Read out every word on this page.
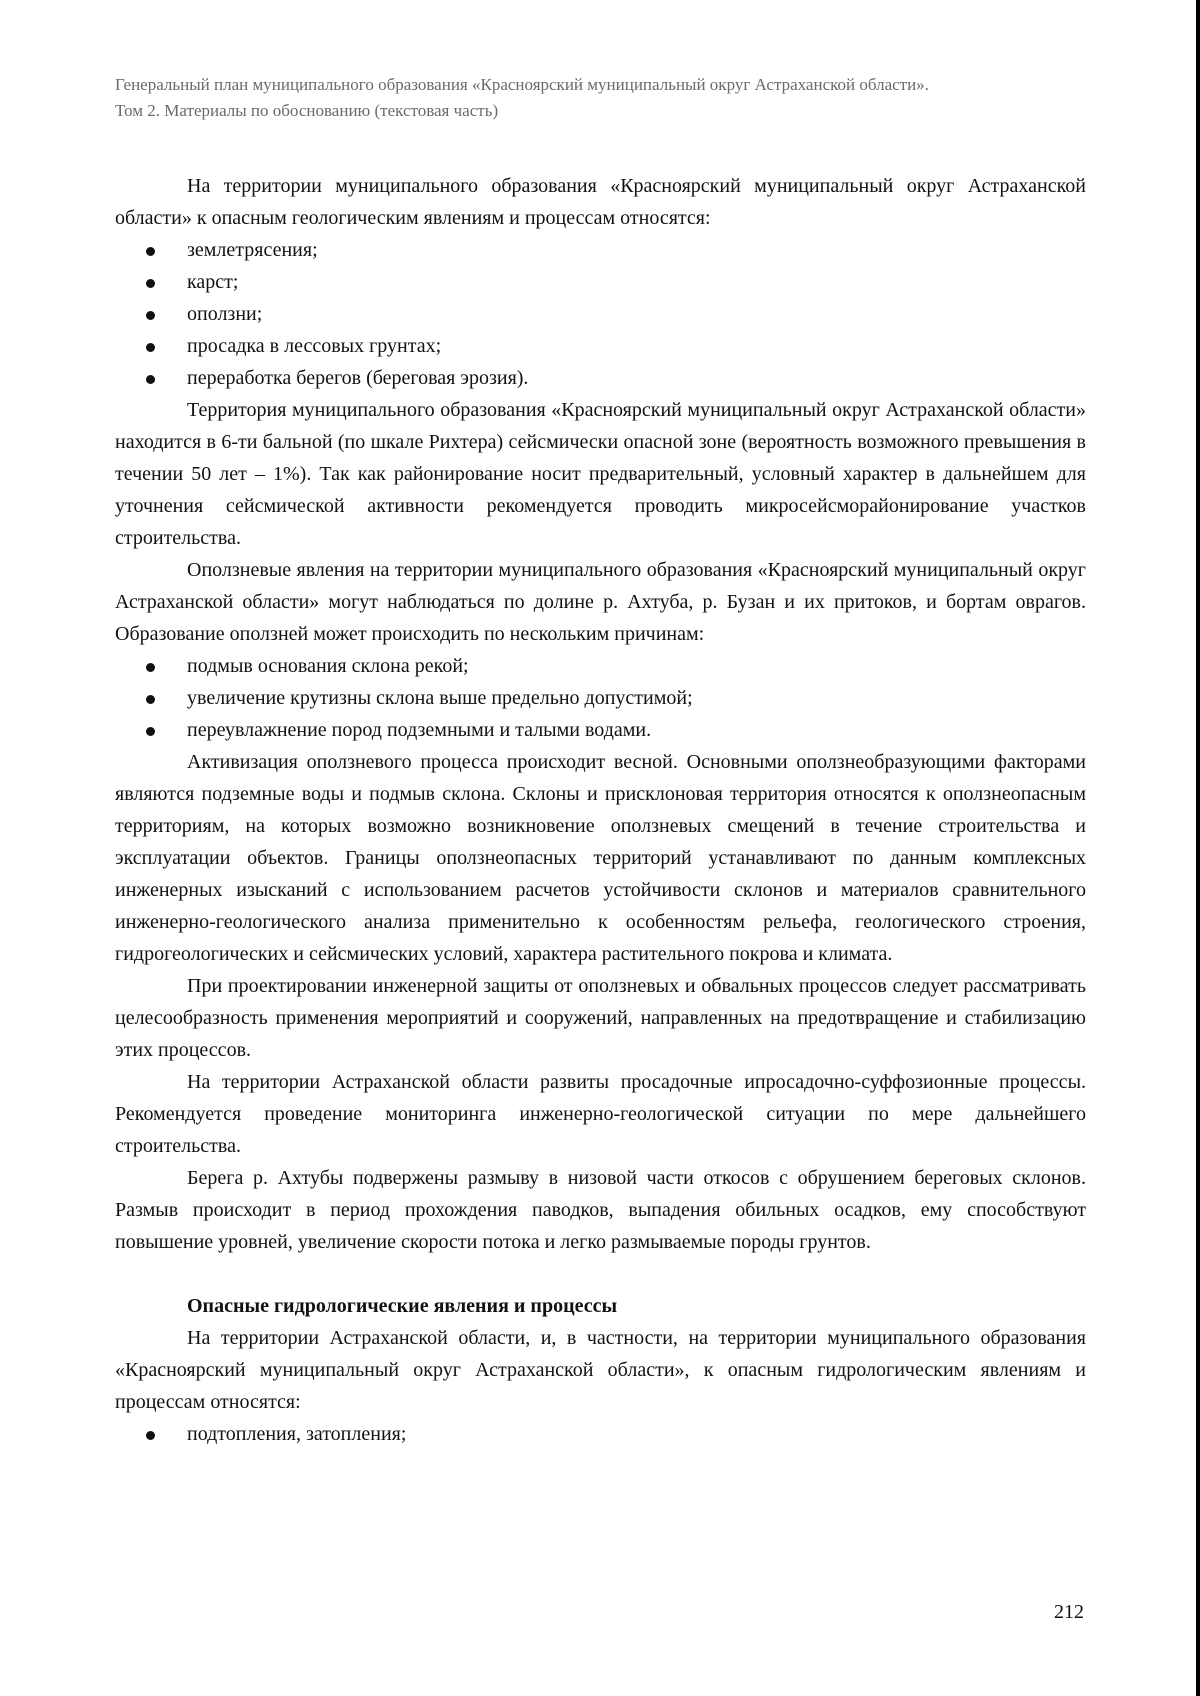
Генеральный план муниципального образования «Красноярский муниципальный округ Астраханской области».
Том 2. Материалы по обоснованию (текстовая часть)

На территории муниципального образования «Красноярский муниципальный округ Астраханской области» к опасным геологическим явлениям и процессам относятся:

землетрясения;
карст;
оползни;
просадка в лессовых грунтах;
переработка берегов (береговая эрозия).

Территория муниципального образования «Красноярский муниципальный округ Астраханской области» находится в 6-ти бальной (по шкале Рихтера) сейсмически опасной зоне (вероятность возможного превышения в течении 50 лет – 1%). Так как районирование носит предварительный, условный характер в дальнейшем для уточнения сейсмической активности рекомендуется проводить микросейсморайонирование участков строительства.

Оползневые явления на территории муниципального образования «Красноярский муниципальный округ Астраханской области» могут наблюдаться по долине р. Ахтуба, р. Бузан и их притоков, и бортам оврагов. Образование оползней может происходить по нескольким причинам:

подмыв основания склона рекой;
увеличение крутизны склона выше предельно допустимой;
переувлажнение пород подземными и талыми водами.

Активизация оползневого процесса происходит весной. Основными оползнеобразующими факторами являются подземные воды и подмыв склона. Склоны и присклоновая территория относятся к оползнеопасным территориям, на которых возможно возникновение оползневых смещений в течение строительства и эксплуатации объектов. Границы оползнеопасных территорий устанавливают по данным комплексных инженерных изысканий с использованием расчетов устойчивости склонов и материалов сравнительного инженерно-геологического анализа применительно к особенностям рельефа, геологического строения, гидрогеологических и сейсмических условий, характера растительного покрова и климата.

При проектировании инженерной защиты от оползневых и обвальных процессов следует рассматривать целесообразность применения мероприятий и сооружений, направленных на предотвращение и стабилизацию этих процессов.

На территории Астраханской области развиты просадочные ипросадочно-суффозионные процессы. Рекомендуется проведение мониторинга инженерно-геологической ситуации по мере дальнейшего строительства.

Берега р. Ахтубы подвержены размыву в низовой части откосов с обрушением береговых склонов. Размыв происходит в период прохождения паводков, выпадения обильных осадков, ему способствуют повышение уровней, увеличение скорости потока и легко размываемые породы грунтов.

Опасные гидрологические явления и процессы

На территории Астраханской области, и, в частности, на территории муниципального образования «Красноярский муниципальный округ Астраханской области», к опасным гидрологическим явлениям и процессам относятся:

подтопления, затопления;
212
